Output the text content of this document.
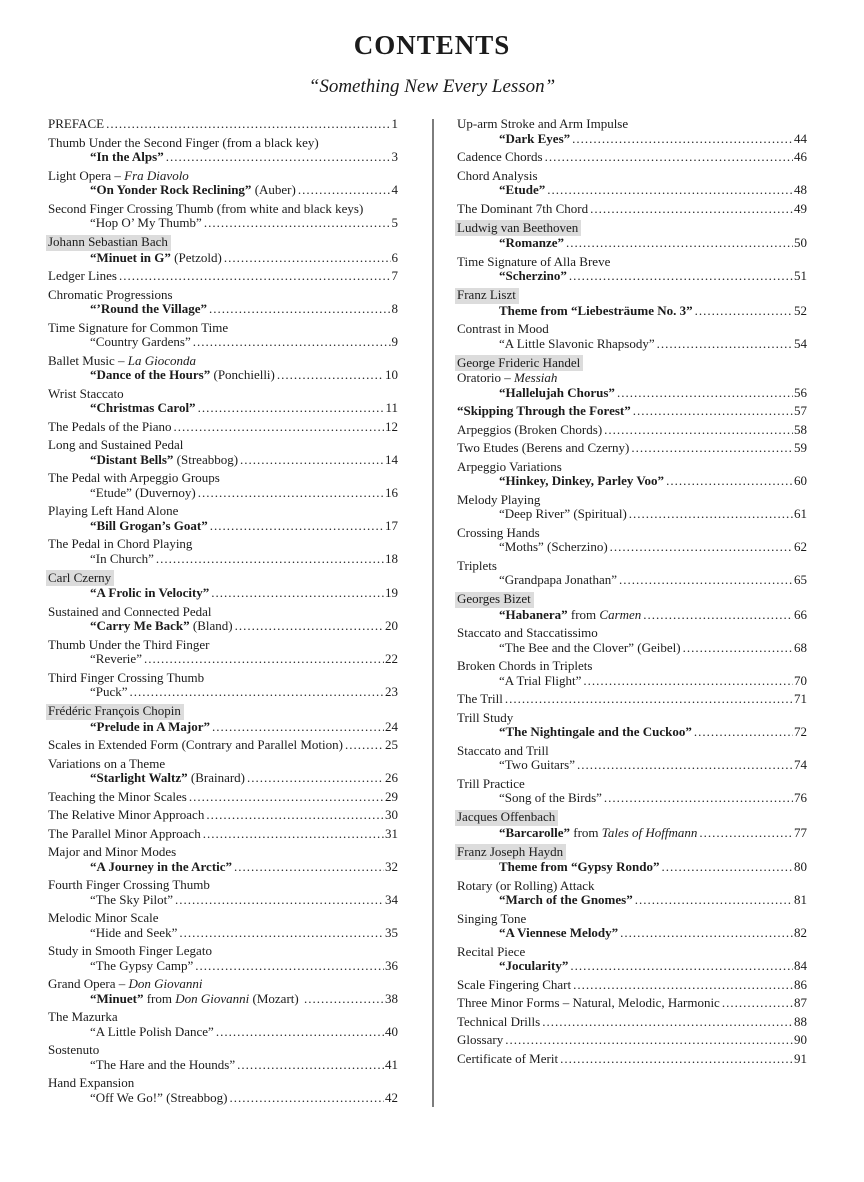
CONTENTS
“Something New Every Lesson”
PREFACE .....	1
Thumb Under the Second Finger (from a black key)
“In the Alps” .....	3
Light Opera – Fra Diavolo
“On Yonder Rock Reclining” (Auber) .....	4
Second Finger Crossing Thumb (from white and black keys)
“Hop O’ My Thumb” .....	5
Johann Sebastian Bach
“Minuet in G” (Petzold) .....	6
Ledger Lines .....	7
Chromatic Progressions
“’Round the Village” .....	8
Time Signature for Common Time
“Country Gardens” .....	9
Ballet Music – La Gioconda
“Dance of the Hours” (Ponchielli) .....	10
Wrist Staccato
“Christmas Carol” .....	11
The Pedals of the Piano .....	12
Long and Sustained Pedal
“Distant Bells” (Streabbog) .....	14
The Pedal with Arpeggio Groups
“Etude” (Duvernoy) .....	16
Playing Left Hand Alone
“Bill Grogan’s Goat” .....	17
The Pedal in Chord Playing
“In Church” .....	18
Carl Czerny
“A Frolic in Velocity” .....	19
Sustained and Connected Pedal
“Carry Me Back” (Bland) .....	20
Thumb Under the Third Finger
“Reverie” .....	22
Third Finger Crossing Thumb
“Puck” .....	23
Frédéric François Chopin
“Prelude in A Major” .....	24
Scales in Extended Form (Contrary and Parallel Motion) .....	25
Variations on a Theme
“Starlight Waltz” (Brainard) .....	26
Teaching the Minor Scales .....	29
The Relative Minor Approach .....	30
The Parallel Minor Approach .....	31
Major and Minor Modes
“A Journey in the Arctic” .....	32
Fourth Finger Crossing Thumb
“The Sky Pilot” .....	34
Melodic Minor Scale
“Hide and Seek” .....	35
Study in Smooth Finger Legato
“The Gypsy Camp” .....	36
Grand Opera – Don Giovanni
“Minuet” from Don Giovanni (Mozart) .....	38
The Mazurka
“A Little Polish Dance” .....	40
Sostenuto
“The Hare and the Hounds” .....	41
Hand Expansion
“Off We Go!” (Streabbog) .....	42
Up-arm Stroke and Arm Impulse
“Dark Eyes” .....	44
Cadence Chords .....	46
Chord Analysis
“Etude” .....	48
The Dominant 7th Chord .....	49
Ludwig van Beethoven
“Romanze” .....	50
Time Signature of Alla Breve
“Scherzino” .....	51
Franz Liszt
Theme from “Liebesträume No. 3” .....	52
Contrast in Mood
“A Little Slavonic Rhapsody” .....	54
George Frideric Handel
Oratorio – Messiah
“Hallelujah Chorus” .....	56
“Skipping Through the Forest” .....	57
Arpeggios (Broken Chords) .....	58
Two Etudes (Berens and Czerny) .....	59
Arpeggio Variations
“Hinkey, Dinkey, Parley Voo” .....	60
Melody Playing
“Deep River” (Spiritual) .....	61
Crossing Hands
“Moths” (Scherzino) .....	62
Triplets
“Grandpapa Jonathan” .....	65
Georges Bizet
“Habanera” from Carmen .....	66
Staccato and Staccatissimo
“The Bee and the Clover” (Geibel) .....	68
Broken Chords in Triplets
“A Trial Flight” .....	70
The Trill .....	71
Trill Study
“The Nightingale and the Cuckoo” .....	72
Staccato and Trill
“Two Guitars” .....	74
Trill Practice
“Song of the Birds” .....	76
Jacques Offenbach
“Barcarolle” from Tales of Hoffmann .....	77
Franz Joseph Haydn
Theme from “Gypsy Rondo” .....	80
Rotary (or Rolling) Attack
“March of the Gnomes” .....	81
Singing Tone
“A Viennese Melody” .....	82
Recital Piece
“Jocularity” .....	84
Scale Fingering Chart .....	86
Three Minor Forms – Natural, Melodic, Harmonic .....	87
Technical Drills .....	88
Glossary .....	90
Certificate of Merit .....	91
